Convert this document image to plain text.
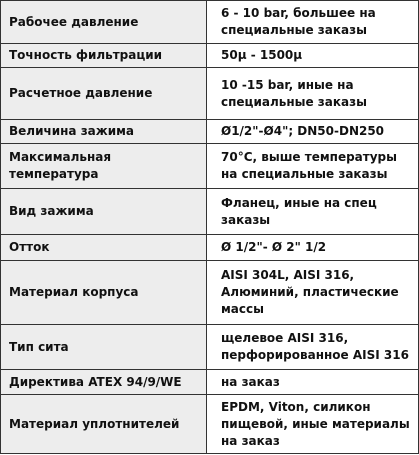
Рабочее давление	6 - 10 bar, большее на специальные заказы
Точность фильтрации	50µ - 1500µ
Расчетное давление	10 -15 bar, иные на специальные заказы
Величина зажима	Ø1/2"-Ø4"; DN50-DN250
Максимальная температура	70°C, выше температуры на специальные заказы
Вид зажима	Фланец, иные на спец заказы
Отток	Ø 1/2"- Ø 2" 1/2
Материал корпуса	AISI 304L, AISI 316, Алюминий, пластические массы
Тип сита	щелевое AISI 316, перфорированное AISI 316
Директива ATEX 94/9/WE	на заказ
Материал уплотнителей	EPDM, Viton, силикон пищевой, иные материалы на заказ
